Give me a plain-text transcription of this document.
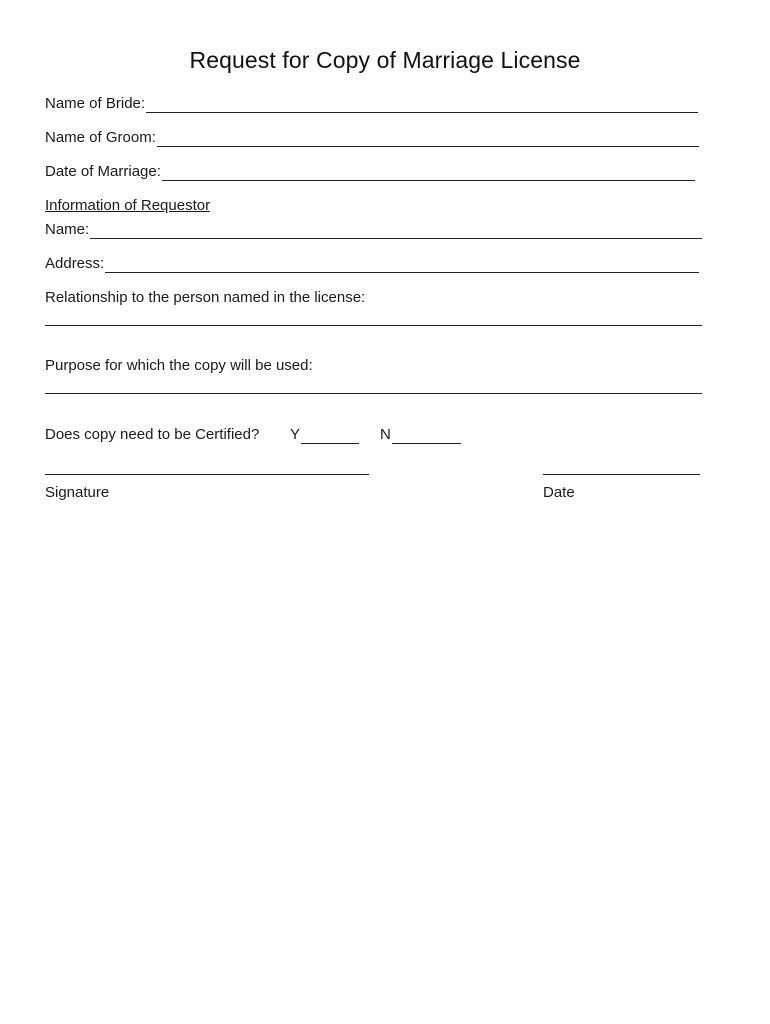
Request for Copy of Marriage License
Name of Bride:
Name of Groom:
Date of Marriage:
Information of Requestor
Name:
Address:
Relationship to the person named in the license:
Purpose for which the copy will be used:
Does copy need to be Certified? Y	N
Signature	Date
